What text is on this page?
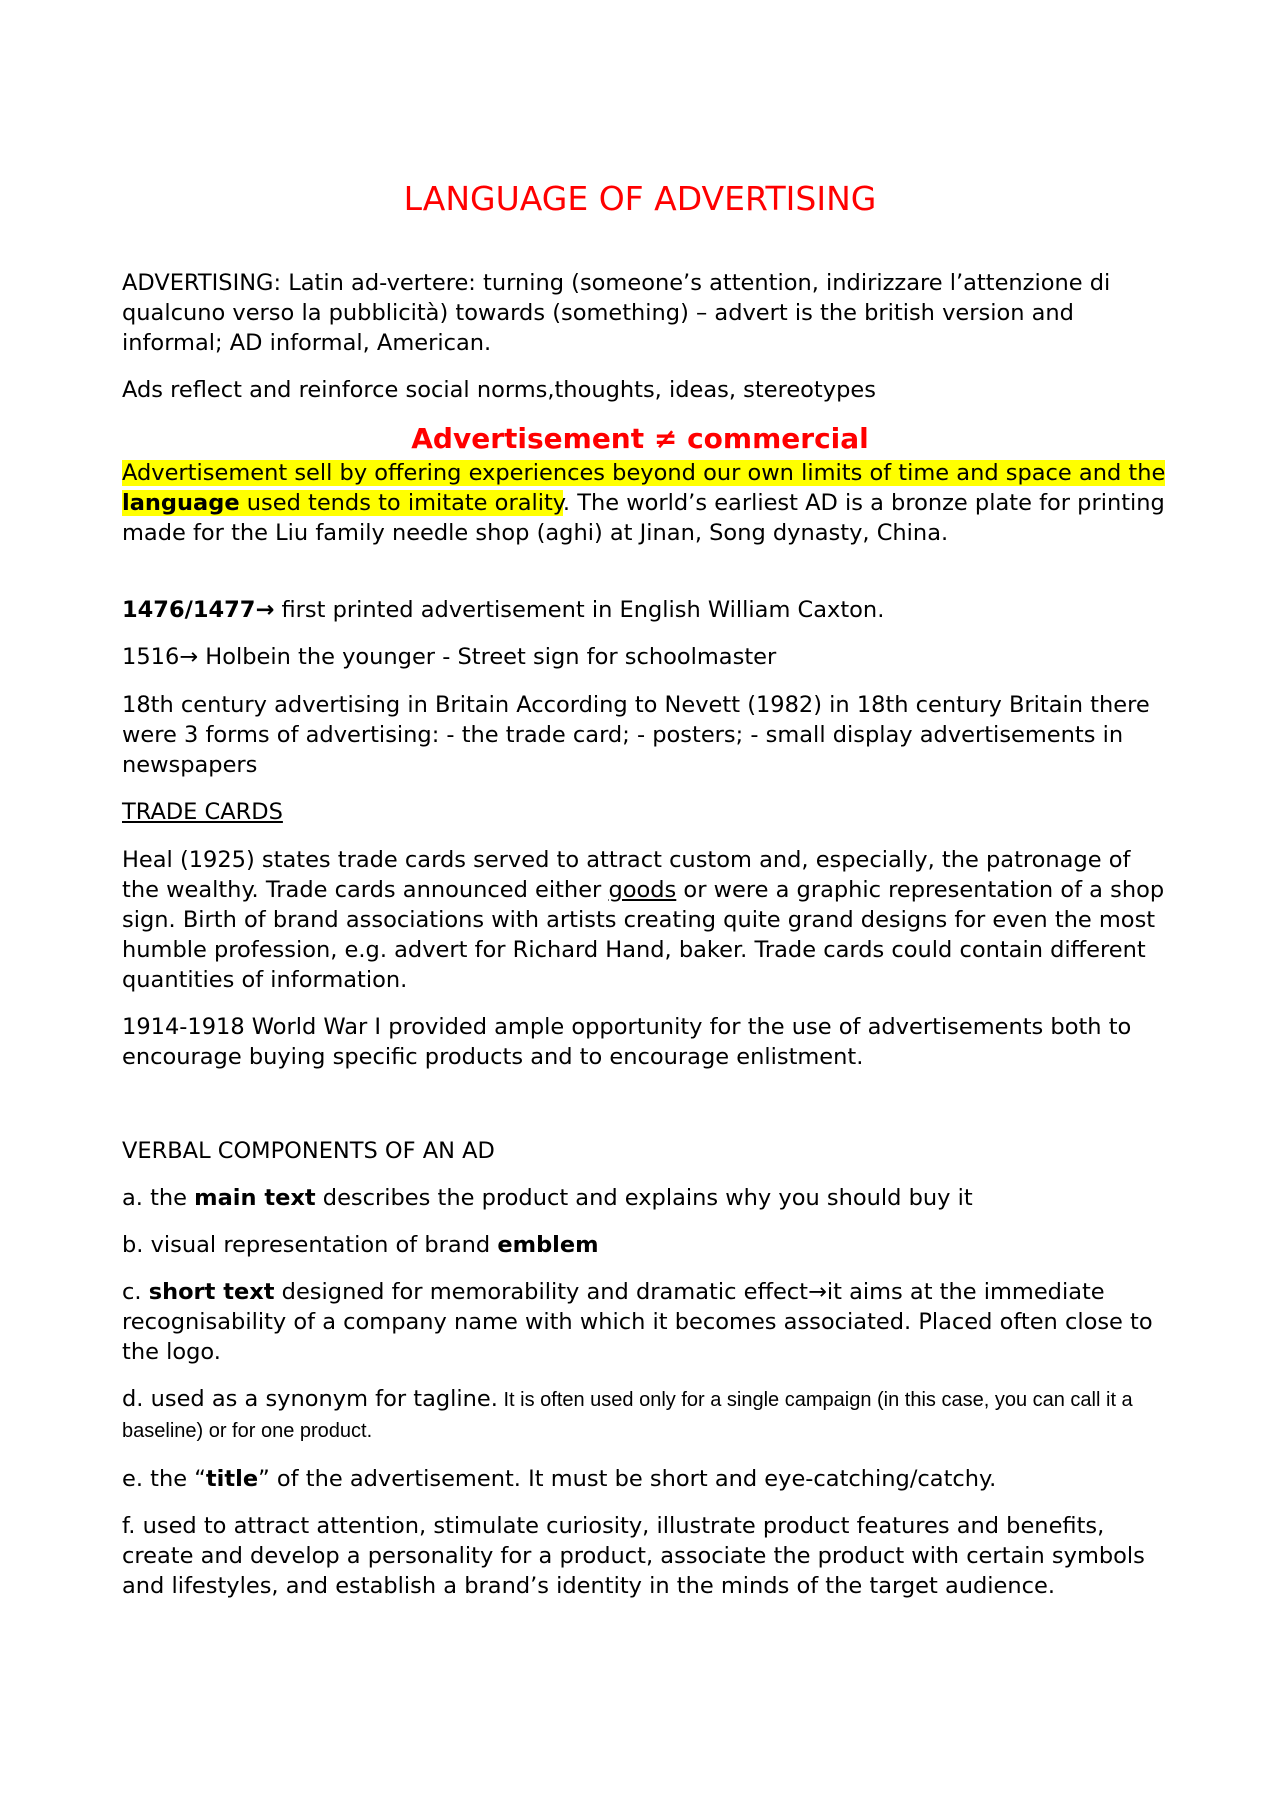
LANGUAGE OF ADVERTISING
ADVERTISING: Latin ad-vertere: turning (someone’s attention, indirizzare l’attenzione di qualcuno verso la pubblicità) towards (something) – advert is the british version and informal; AD informal, American.
Ads reflect and reinforce social norms,thoughts, ideas, stereotypes
Advertisement ≠ commercial
Advertisement sell by offering experiences beyond our own limits of time and space and the language used tends to imitate orality. The world’s earliest AD is a bronze plate for printing made for the Liu family needle shop (aghi) at Jinan, Song dynasty, China.
1476/1477→ first printed advertisement in English William Caxton.
1516→ Holbein the younger - Street sign for schoolmaster
18th century advertising in Britain According to Nevett (1982) in 18th century Britain there were 3 forms of advertising: - the trade card; - posters; - small display advertisements in newspapers
TRADE CARDS
Heal (1925) states trade cards served to attract custom and, especially, the patronage of the wealthy. Trade cards announced either goods or were a graphic representation of a shop sign. Birth of brand associations with artists creating quite grand designs for even the most humble profession, e.g. advert for Richard Hand, baker. Trade cards could contain different quantities of information.
1914-1918 World War I provided ample opportunity for the use of advertisements both to encourage buying specific products and to encourage enlistment.
VERBAL COMPONENTS OF AN AD
a. the main text describes the product and explains why you should buy it
b. visual representation of brand emblem
c. short text designed for memorability and dramatic effect→it aims at the immediate recognisability of a company name with which it becomes associated. Placed often close to the logo.
d. used as a synonym for tagline. It is often used only for a single campaign (in this case, you can call it a baseline) or for one product.
e. the “title” of the advertisement. It must be short and eye-catching/catchy.
f. used to attract attention, stimulate curiosity, illustrate product features and benefits, create and develop a personality for a product, associate the product with certain symbols and lifestyles, and establish a brand’s identity in the minds of the target audience.
